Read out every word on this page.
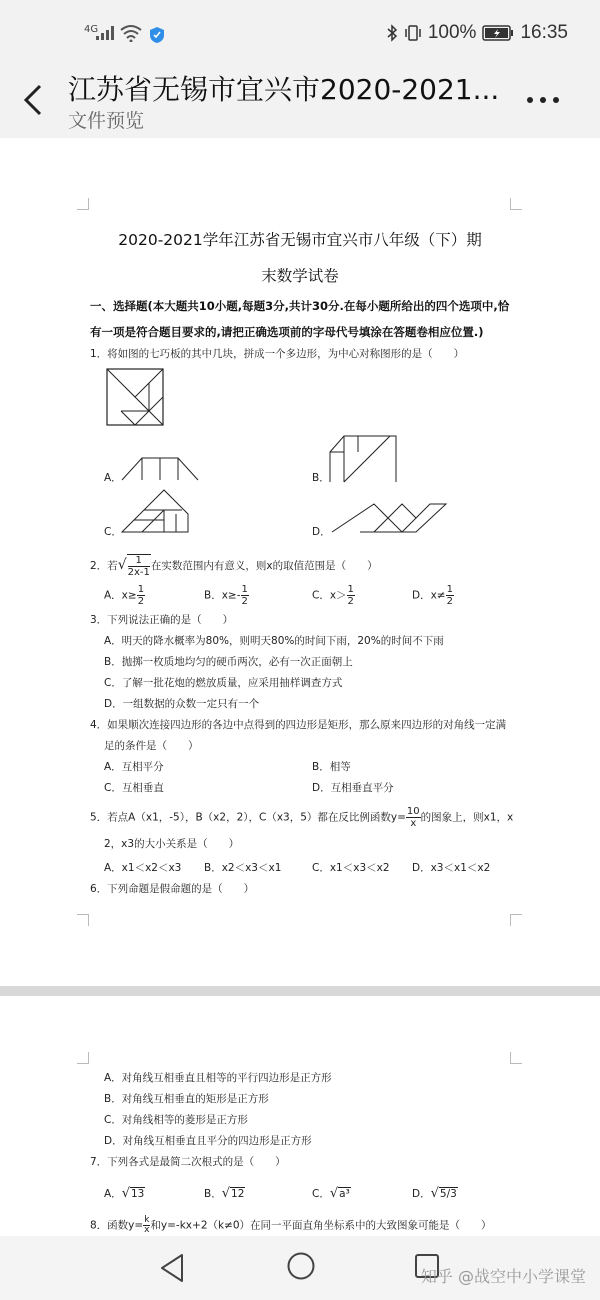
4G	100% 16:35
江苏省无锡市宜兴市2020-2021...
文件预览
2020-2021学年江苏省无锡市宜兴市八年级（下）期
末数学试卷
一、选择题(本大题共10小题,每题3分,共计30分.在每小题所给出的四个选项中,恰
有一项是符合题目要求的,请把正确选项前的字母代号填涂在答题卷相应位置.)
1．将如图的七巧板的其中几块，拼成一个多边形，为中心对称图形的是（　　）
A．	B．
C．	D．
2．若√ $\frac{1}{2x-1}$ 在实数范围内有意义，则x的取值范围是（　　）
A．$x\ge \frac{1}{2}$	B．$x\ge- \frac{1}{2}$	C．$x> \frac{1}{2}$	D．$x\ne \frac{1}{2}$
3．下列说法正确的是（　　）
A．明天的降水概率为80%，则明天80%的时间下雨，20%的时间不下雨
B．抛掷一枚质地均匀的硬币两次，必有一次正面朝上
C．了解一批花炮的燃放质量，应采用抽样调查方式
D．一组数据的众数一定只有一个
4．如果顺次连接四边形的各边中点得到的四边形是矩形，那么原来四边形的对角线一定满
足的条件是（　　）
A．互相平分	B．相等
C．互相垂直	D．互相垂直平分
5．若点A（x1，-5），B（x2，2），C（x3，5）都在反比例函数$y= \frac{10}{x}$ 的图象上，则x1，x
2，x3的大小关系是（　　）
A．x1＜x2＜x3 B．x2＜x3＜x1	C．x1＜x3＜x2 D．x3＜x1＜x2
6．下列命题是假命题的是（　　）
A．对角线互相垂直且相等的平行四边形是正方形
B．对角线互相垂直的矩形是正方形
C．对角线相等的菱形是正方形
D．对角线互相垂直且平分的四边形是正方形
7．下列各式是最简二次根式的是（　　）
A．√13	B．√12	C．√a³	D．√5/3
8．函数$y= \frac{k}{x}$ 和y=-kx+2（k≠0）在同一平面直角坐标系中的大致图象可能是（　　）
知乎 @战空中小学课堂
